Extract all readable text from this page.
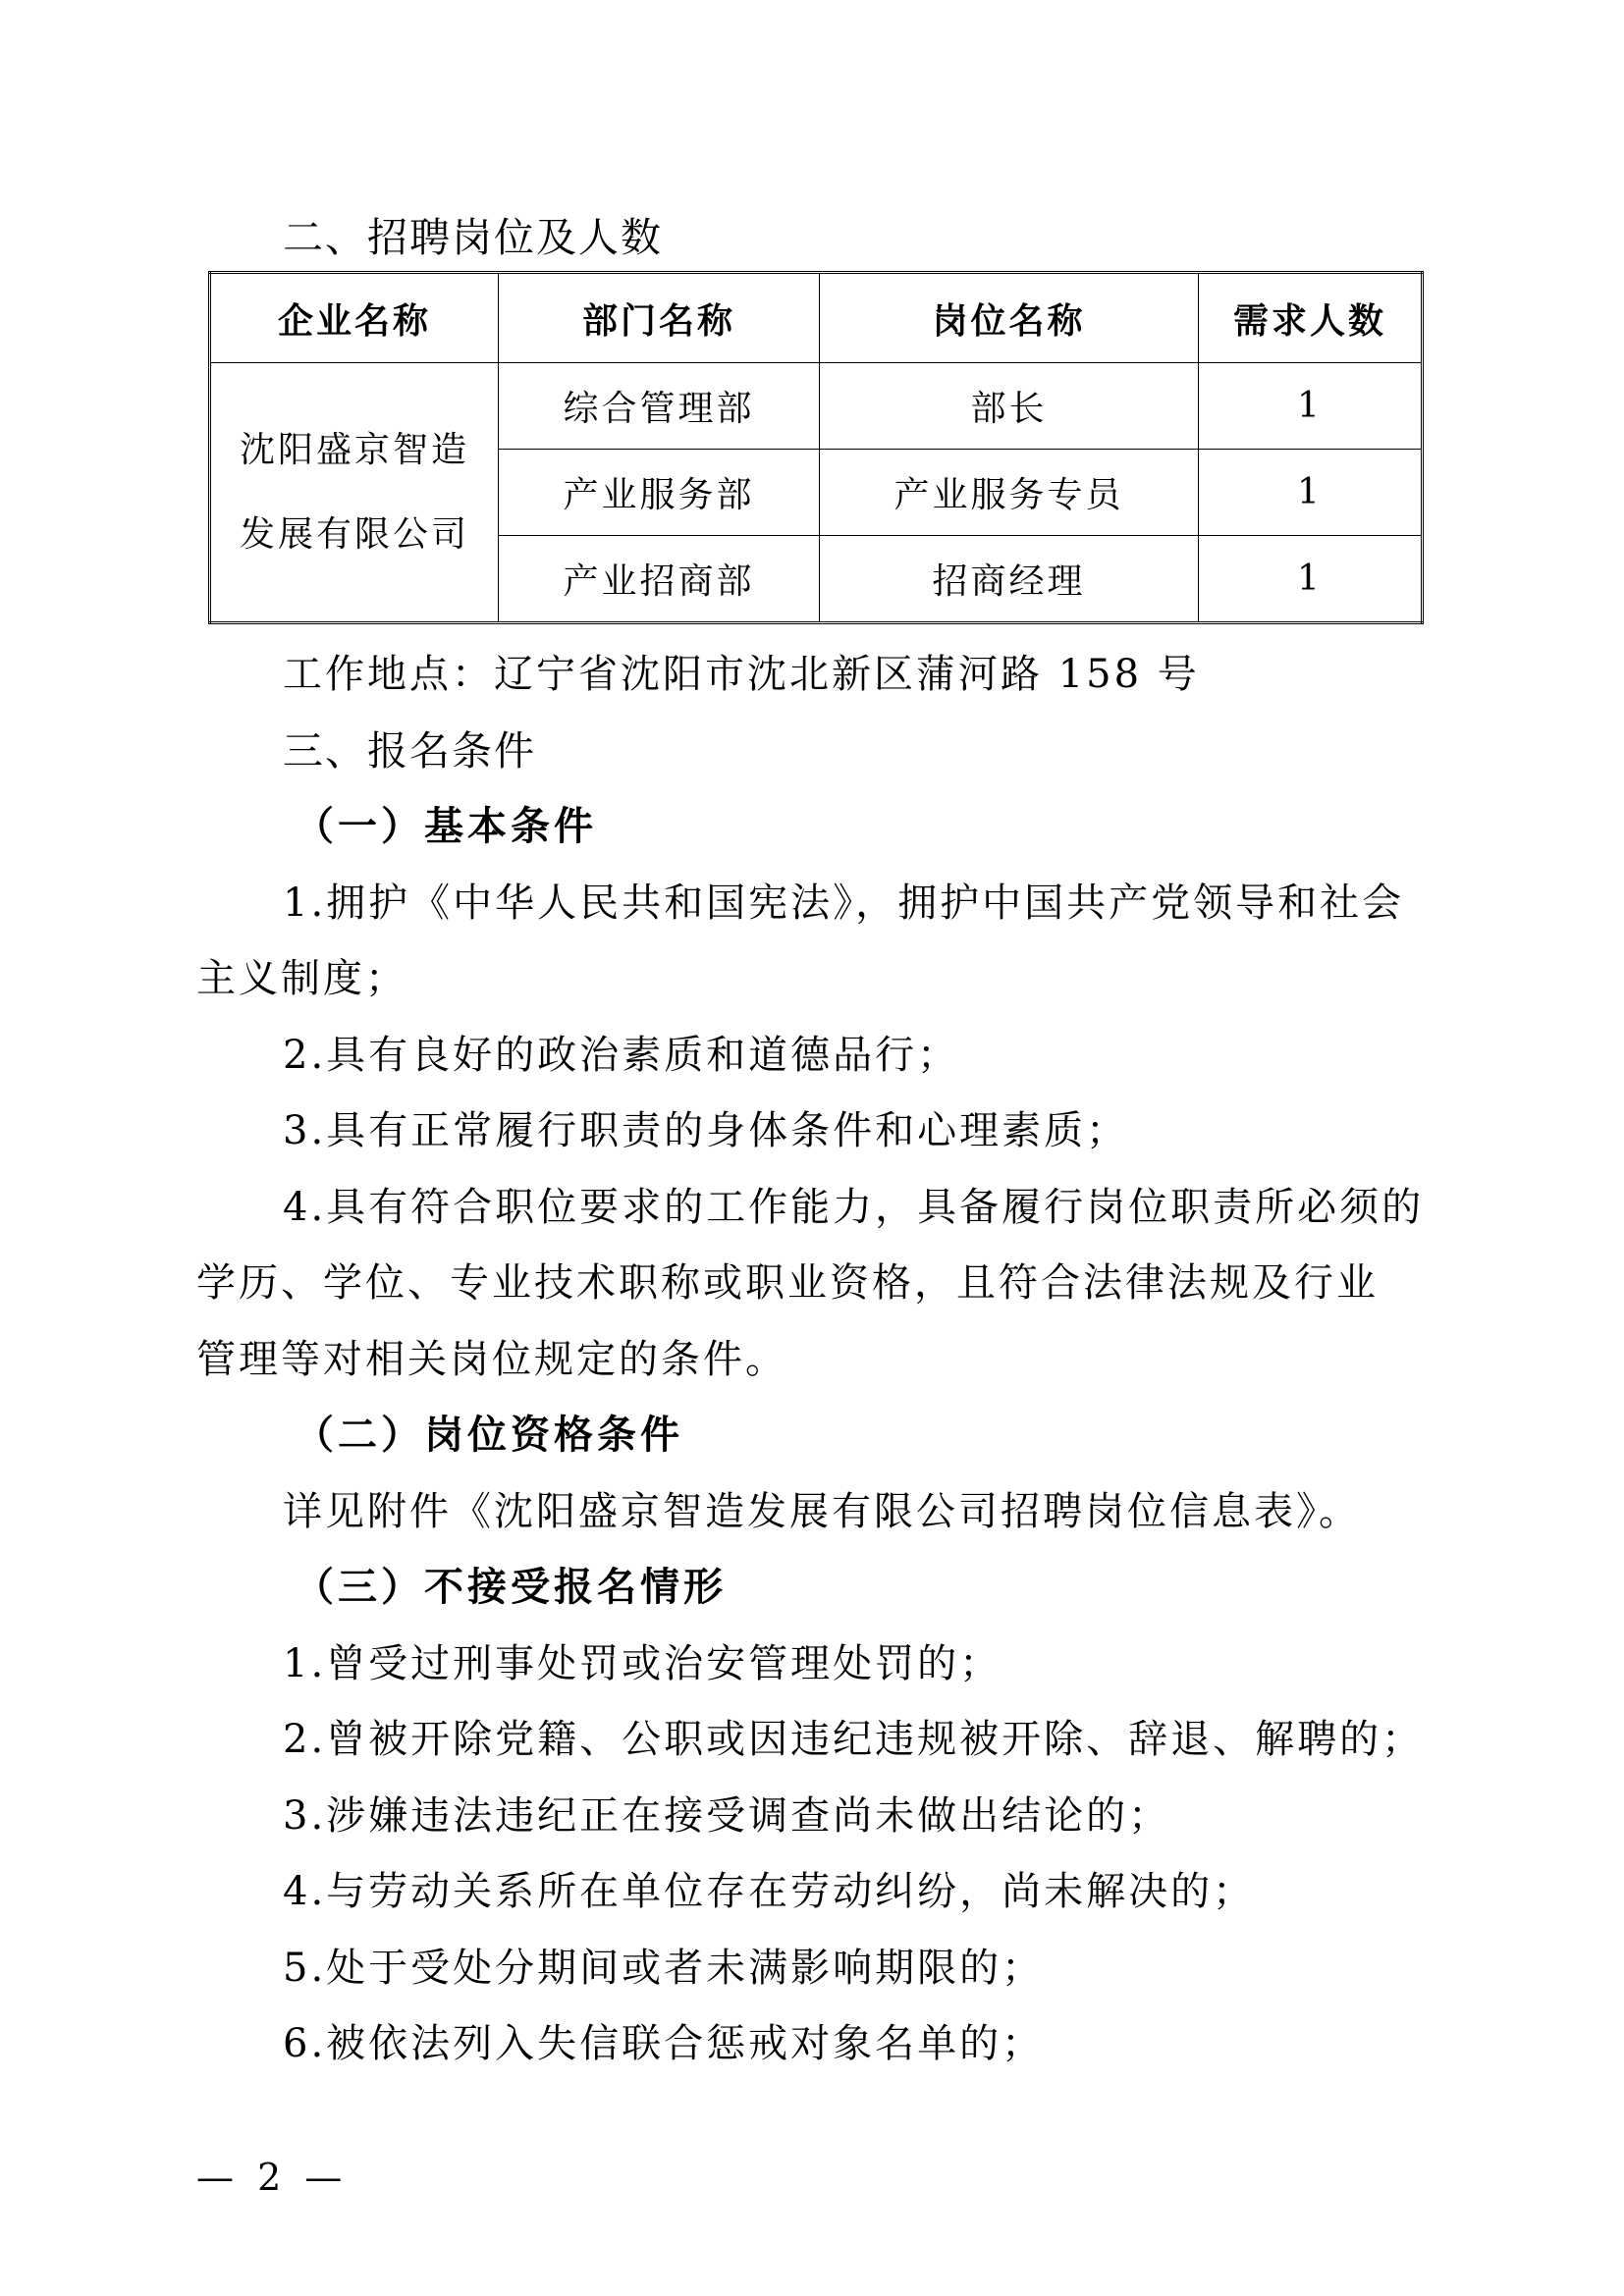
二、招聘岗位及人数
企业名称	部门名称	岗位名称	需求人数
沈阳盛京智造发展有限公司	综合管理部	部长	1
	产业服务部	产业服务专员	1
	产业招商部	招商经理	1
工作地点：辽宁省沈阳市沈北新区蒲河路 158 号
三、报名条件
（一）基本条件
1.拥护《中华人民共和国宪法》，拥护中国共产党领导和社会
主义制度；
2.具有良好的政治素质和道德品行；
3.具有正常履行职责的身体条件和心理素质；
4.具有符合职位要求的工作能力，具备履行岗位职责所必须的
学历、学位、专业技术职称或职业资格，且符合法律法规及行业
管理等对相关岗位规定的条件。
（二）岗位资格条件
详见附件《沈阳盛京智造发展有限公司招聘岗位信息表》。
（三）不接受报名情形
1.曾受过刑事处罚或治安管理处罚的；
2.曾被开除党籍、公职或因违纪违规被开除、辞退、解聘的；
3.涉嫌违法违纪正在接受调查尚未做出结论的；
4.与劳动关系所在单位存在劳动纠纷，尚未解决的；
5.处于受处分期间或者未满影响期限的；
6.被依法列入失信联合惩戒对象名单的；
— 2 —
